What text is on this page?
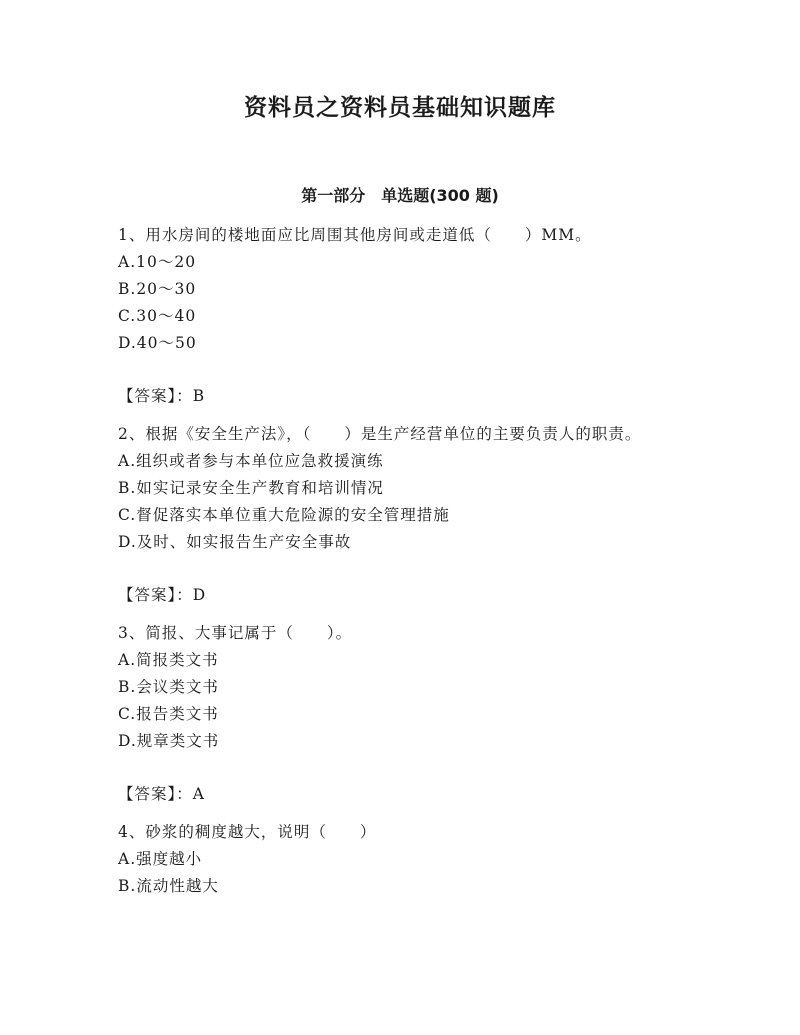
资料员之资料员基础知识题库
第一部分　单选题(300 题)

1、用水房间的楼地面应比周围其他房间或走道低（　　）MM。

A.10～20

B.20～30

C.30～40

D.40～50

【答案】：B

2、根据《安全生产法》，（　　）是生产经营单位的主要负责人的职责。

A.组织或者参与本单位应急救援演练

B.如实记录安全生产教育和培训情况

C.督促落实本单位重大危险源的安全管理措施

D.及时、如实报告生产安全事故

【答案】：D

3、简报、大事记属于（　　）。

A.简报类文书

B.会议类文书

C.报告类文书

D.规章类文书

【答案】：A

4、砂浆的稠度越大，说明（　　）

A.强度越小

B.流动性越大
